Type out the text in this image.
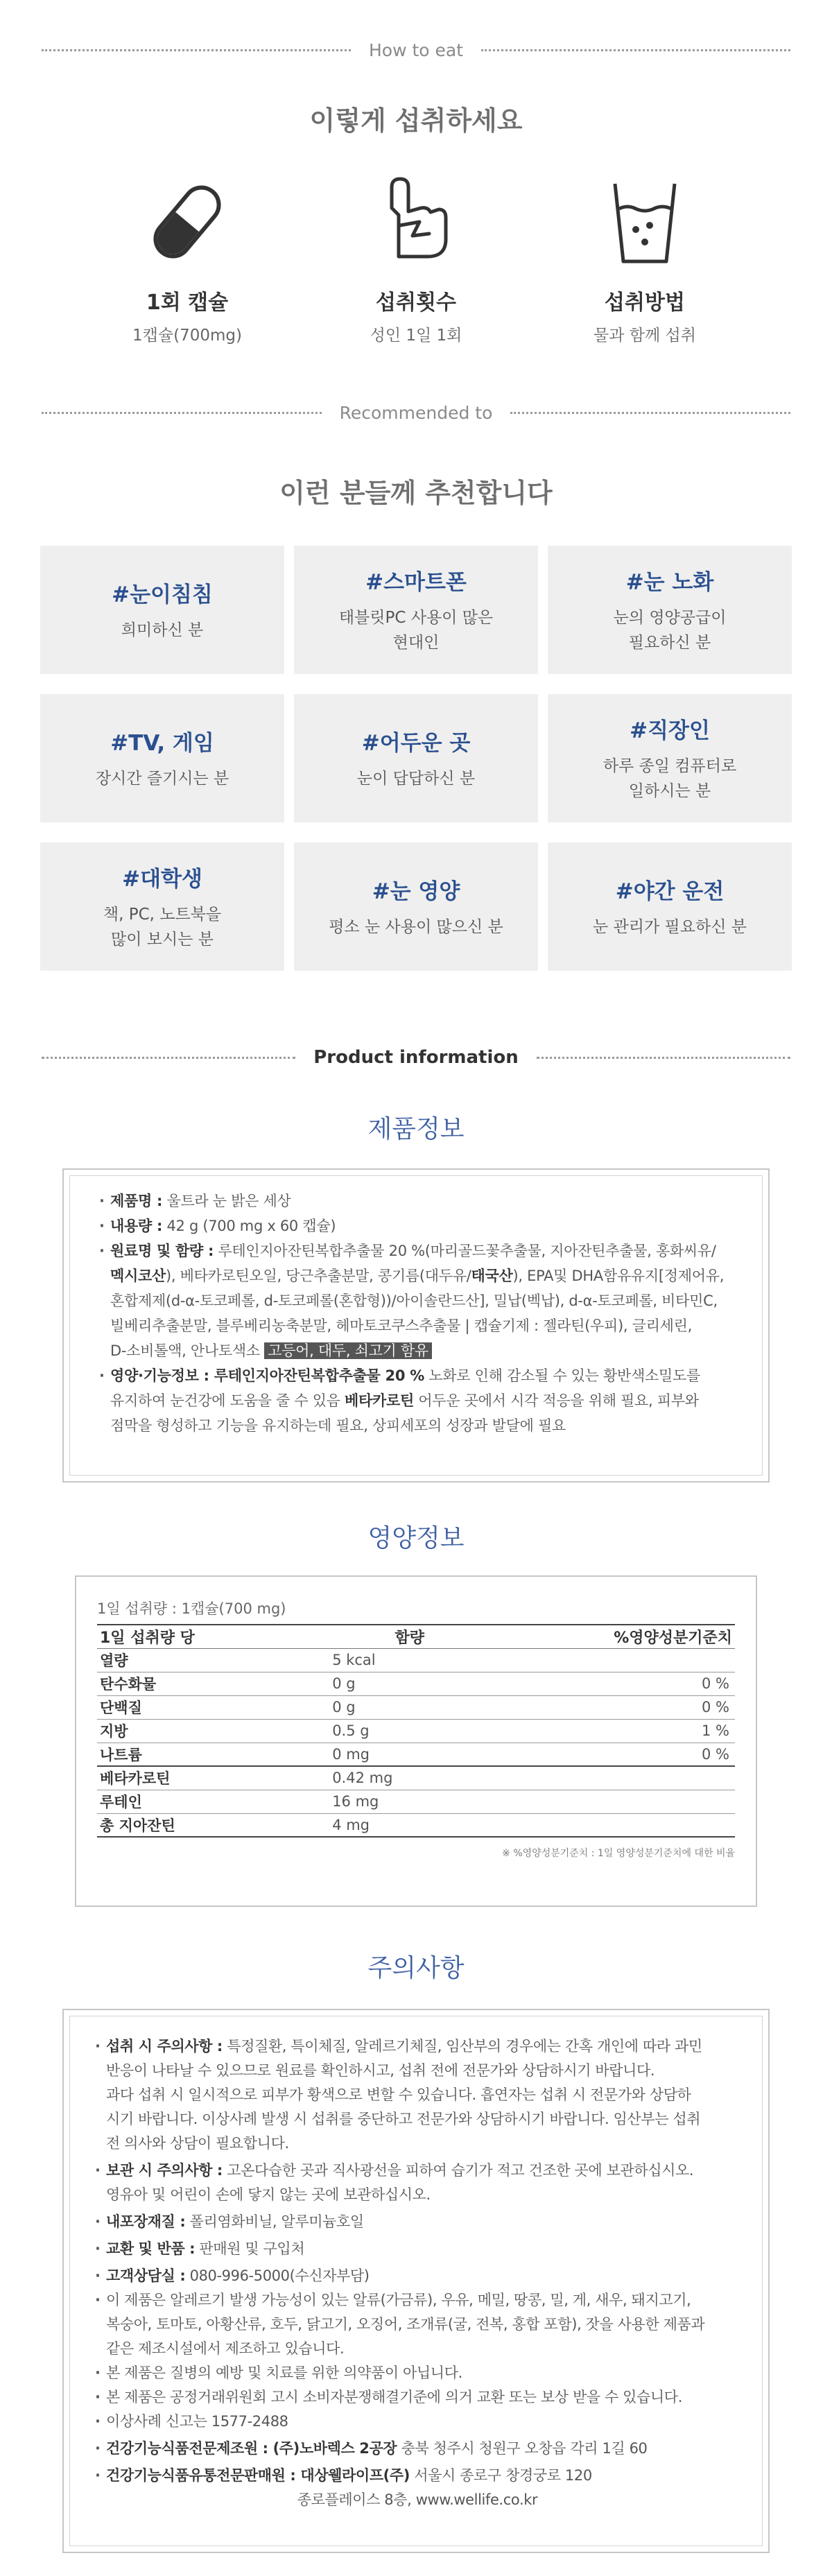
How to eat
이렇게 섭취하세요
1회 캡슐
1캡슐(700mg)
섭취횟수
성인 1일 1회
섭취방법
물과 함께 섭취
Recommended to
이런 분들께 추천합니다
#눈이침침
희미하신 분
#스마트폰
태블릿PC 사용이 많은
현대인
#눈 노화
눈의 영양공급이
필요하신 분
#TV, 게임
장시간 즐기시는 분
#어두운 곳
눈이 답답하신 분
#직장인
하루 종일 컴퓨터로
일하시는 분
#대학생
책, PC, 노트북을
많이 보시는 분
#눈 영양
평소 눈 사용이 많으신 분
#야간 운전
눈 관리가 필요하신 분
Product information
제품정보
· 제품명 : 울트라 눈 밝은 세상
· 내용량 : 42 g (700 mg x 60 캡슐)
· 원료명 및 함량 : 루테인지아잔틴복합추출물 20 %(마리골드꽃추출물, 지아잔틴추출물, 홍화씨유/
멕시코산), 베타카로틴오일, 당근추출분말, 콩기름(대두유/태국산), EPA및 DHA함유유지[정제어유,
혼합제제(d-α-토코페롤, d-토코페롤(혼합형))/아이솔란드산], 밀납(벡납), d-α-토코페롤, 비타민C,
빌베리추출분말, 블루베리농축분말, 헤마토코쿠스추출물 | 캡슐기제 : 젤라틴(우피), 글리세린,
D-소비톨액, 안나토색소 고등어, 대두, 쇠고기 함유
· 영양·기능정보 : 루테인지아잔틴복합추출물 20 % 노화로 인해 감소될 수 있는 황반색소밀도를
유지하여 눈건강에 도움을 줄 수 있음 베타카로틴 어두운 곳에서 시각 적응을 위해 필요, 피부와
점막을 형성하고 기능을 유지하는데 필요, 상피세포의 성장과 발달에 필요
영양정보
1일 섭취량 : 1캡슐(700 mg)
1일 섭취량 당	함량	%영양성분기준치
열량	5 kcal	
탄수화물	0 g	0 %
단백질	0 g	0 %
지방	0.5 g	1 %
나트륨	0 mg	0 %
베타카로틴	0.42 mg	
루테인	16 mg	
총 지아잔틴	4 mg	
※ %영양성분기준치 : 1일 영양성분기준치에 대한 비율
주의사항
· 섭취 시 주의사항 : 특정질환, 특이체질, 알레르기체질, 임산부의 경우에는 간혹 개인에 따라 과민
반응이 나타날 수 있으므로 원료를 확인하시고, 섭취 전에 전문가와 상담하시기 바랍니다.
과다 섭취 시 일시적으로 피부가 황색으로 변할 수 있습니다. 흡연자는 섭취 시 전문가와 상담하
시기 바랍니다. 이상사례 발생 시 섭취를 중단하고 전문가와 상담하시기 바랍니다. 임산부는 섭취
전 의사와 상담이 필요합니다.
· 보관 시 주의사항 : 고온다습한 곳과 직사광선을 피하여 습기가 적고 건조한 곳에 보관하십시오.
영유아 및 어린이 손에 닿지 않는 곳에 보관하십시오.
· 내포장재질 : 폴리염화비닐, 알루미늄호일
· 교환 및 반품 : 판매원 및 구입처
· 고객상담실 : 080-996-5000(수신자부담)
· 이 제품은 알레르기 발생 가능성이 있는 알류(가금류), 우유, 메밀, 땅콩, 밀, 게, 새우, 돼지고기,
복숭아, 토마토, 아황산류, 호두, 닭고기, 오징어, 조개류(굴, 전복, 홍합 포함), 잣을 사용한 제품과
같은 제조시설에서 제조하고 있습니다.
· 본 제품은 질병의 예방 및 치료를 위한 의약품이 아닙니다.
· 본 제품은 공정거래위원회 고시 소비자분쟁해결기준에 의거 교환 또는 보상 받을 수 있습니다.
· 이상사례 신고는 1577-2488
· 건강기능식품전문제조원 : (주)노바렉스 2공장 충북 청주시 청원구 오창읍 각리 1길 60
· 건강기능식품유통전문판매원 : 대상웰라이프(주) 서울시 종로구 창경궁로 120
종로플레이스 8층, www.wellife.co.kr
